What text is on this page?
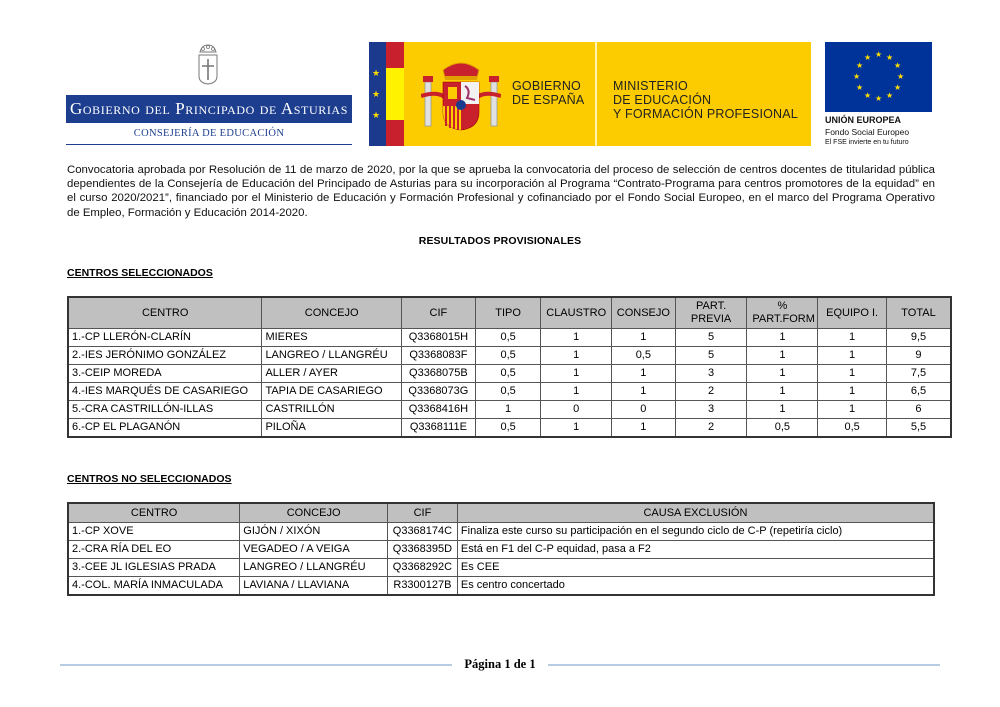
Gobierno del Principado de Asturias
CONSEJERÍA DE EDUCACIÓN
★
★
★
GOBIERNO
DE ESPAÑA
MINISTERIO
DE EDUCACIÓN
Y FORMACIÓN PROFESIONAL
★ ★
★
★
★
★
★
★
★
★
★
★
UNIÓN EUROPEA
Fondo Social Europeo
El FSE invierte en tu futuro
Convocatoria aprobada por Resolución de 11 de marzo de 2020, por la que se aprueba la convocatoria del proceso de selección de centros docentes de titularidad pública dependientes de la Consejería de Educación del Principado de Asturias para su incorporación al Programa “Contrato-Programa para centros promotores de la equidad” en el curso 2020/2021”, financiado por el Ministerio de Educación y Formación Profesional y cofinanciado por el Fondo Social Europeo, en el marco del Programa Operativo de Empleo, Formación y Educación 2014-2020.
RESULTADOS PROVISIONALES
CENTROS SELECCIONADOS
CENTRO	CONCEJO	CIF	TIPO	CLAUSTRO	CONSEJO	PART. PREVIA	% PART.FORM	EQUIPO I.	TOTAL
1.-CP LLERÓN-CLARÍN	MIERES	Q3368015H	0,5	1	1	5	1	1	9,5
2.-IES JERÓNIMO GONZÁLEZ	LANGREO / LLANGRÉU	Q3368083F	0,5	1	0,5	5	1	1	9
3.-CEIP MOREDA	ALLER / AYER	Q3368075B	0,5	1	1	3	1	1	7,5
4.-IES MARQUÉS DE CASARIEGO	TAPIA DE CASARIEGO	Q3368073G	0,5	1	1	2	1	1	6,5
5.-CRA CASTRILLÓN-ILLAS	CASTRILLÓN	Q3368416H	1	0	0	3	1	1	6
6.-CP EL PLAGANÓN	PILOÑA	Q3368111E	0,5	1	1	2	0,5	0,5	5,5
CENTROS NO SELECCIONADOS
CENTRO	CONCEJO	CIF	CAUSA EXCLUSIÓN
1.-CP XOVE	GIJÓN / XIXÓN	Q3368174C	Finaliza este curso su participación en el segundo ciclo de C-P (repetiría ciclo)
2.-CRA RÍA DEL EO	VEGADEO / A VEIGA	Q3368395D	Está en F1 del C-P equidad, pasa a F2
3.-CEE JL IGLESIAS PRADA	LANGREO / LLANGRÉU	Q3368292C	Es CEE
4.-COL. MARÍA INMACULADA	LAVIANA / LLAVIANA	R3300127B	Es centro concertado
Página 1 de 1
